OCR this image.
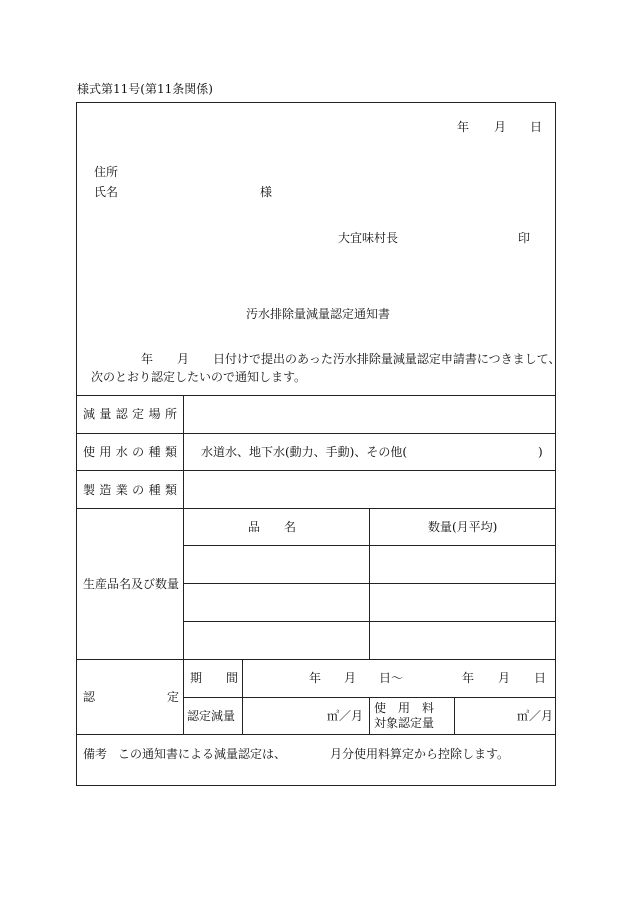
様式第11号(第11条関係)
年 月 日
住所
氏名	様
大宜味村長	印
汚水排除量減量認定通知書
年 月 日付けで提出のあった汚水排除量減量認定申請書につきまして、
次のとおり認定したいので通知します。
減 量 認 定 場 所
使 用 水 の 種 類 水道水、地下水(動力、手動)、その他(	)
製 造 業 の 種 類
生産品名及び数量
品　　名	数量(月平均)
認	定
期　　間	年 月 日～	年 月 日
認定減量	㎥／月
使　用　料
対象認定量	㎥／月
備考 この通知書による減量認定は、	月分使用料算定から控除します。
